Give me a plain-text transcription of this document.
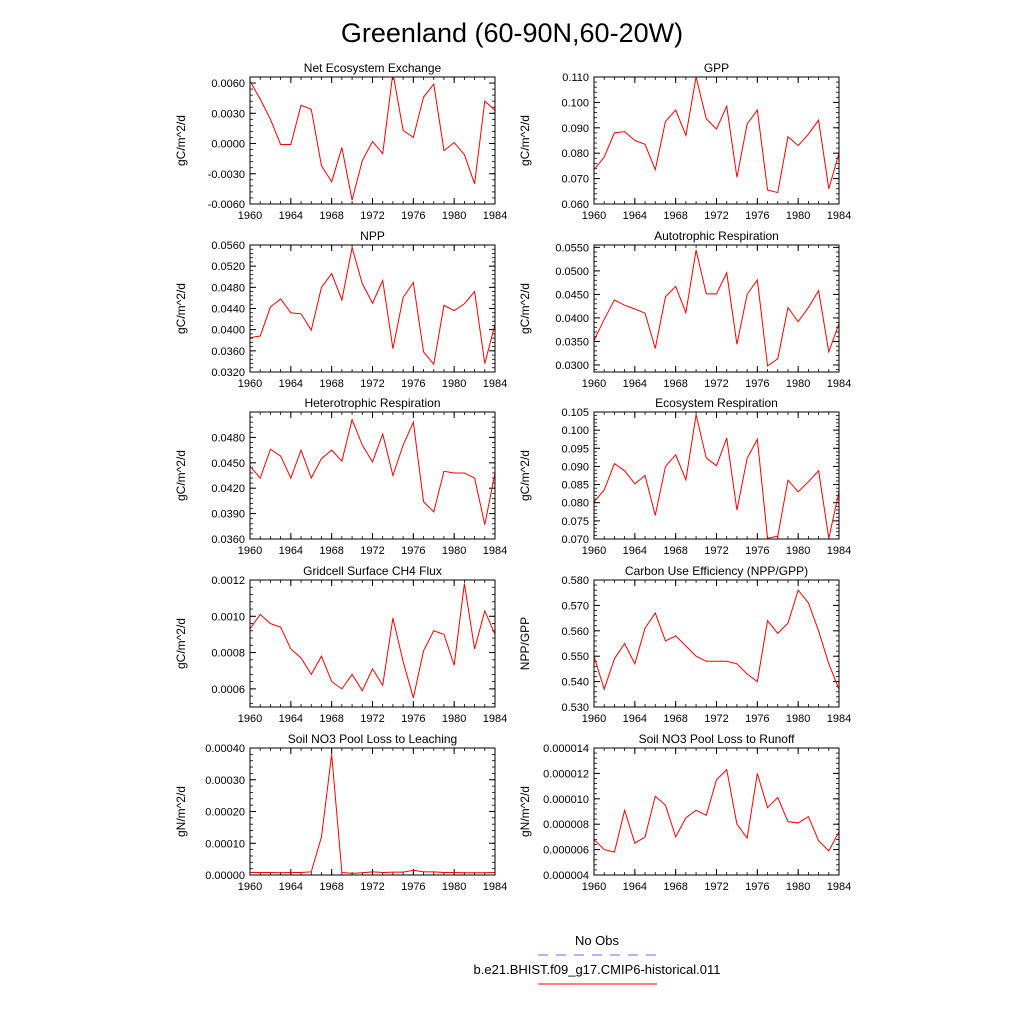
Greenland (60-90N,60-20W)
Net Ecosystem Exchange
1960 1964 1968 1972 1976 1980 1984
-0.0060
-0.0030
0.0000
0.0030
0.0060
gC/m^2/d
GPP
1960 1964 1968 1972 1976 1980 1984
0.060
0.070
0.080
0.090
0.100
0.110
gC/m^2/d
NPP
1960 1964 1968 1972 1976 1980 1984
0.0320
0.0360
0.0400
0.0440
0.0480
0.0520
0.0560
gC/m^2/d
Autotrophic Respiration
1960 1964 1968 1972 1976 1980 1984
0.0300
0.0350
0.0400
0.0450
0.0500
0.0550
gC/m^2/d
Heterotrophic Respiration
1960 1964 1968 1972 1976 1980 1984
0.0360
0.0390
0.0420
0.0450
0.0480
gC/m^2/d
Ecosystem Respiration
1960 1964 1968 1972 1976 1980 1984
0.070
0.075
0.080
0.085
0.090
0.095
0.100
0.105
gC/m^2/d
Gridcell Surface CH4 Flux
1960 1964 1968 1972 1976 1980 1984
0.0006
0.0008
0.0010
0.0012
gC/m^2/d
Carbon Use Efficiency (NPP/GPP)
1960 1964 1968 1972 1976 1980 1984
0.530
0.540
0.550
0.560
0.570
0.580
NPP/GPP
Soil NO3 Pool Loss to Leaching
1960 1964 1968 1972 1976 1980 1984
0.00000
0.00010
0.00020
0.00030
0.00040
gN/m^2/d
Soil NO3 Pool Loss to Runoff
1960 1964 1968 1972 1976 1980 1984
0.000004
0.000006
0.000008
0.000010
0.000012
0.000014
gN/m^2/d
No Obs
b.e21.BHIST.f09_g17.CMIP6-historical.011
